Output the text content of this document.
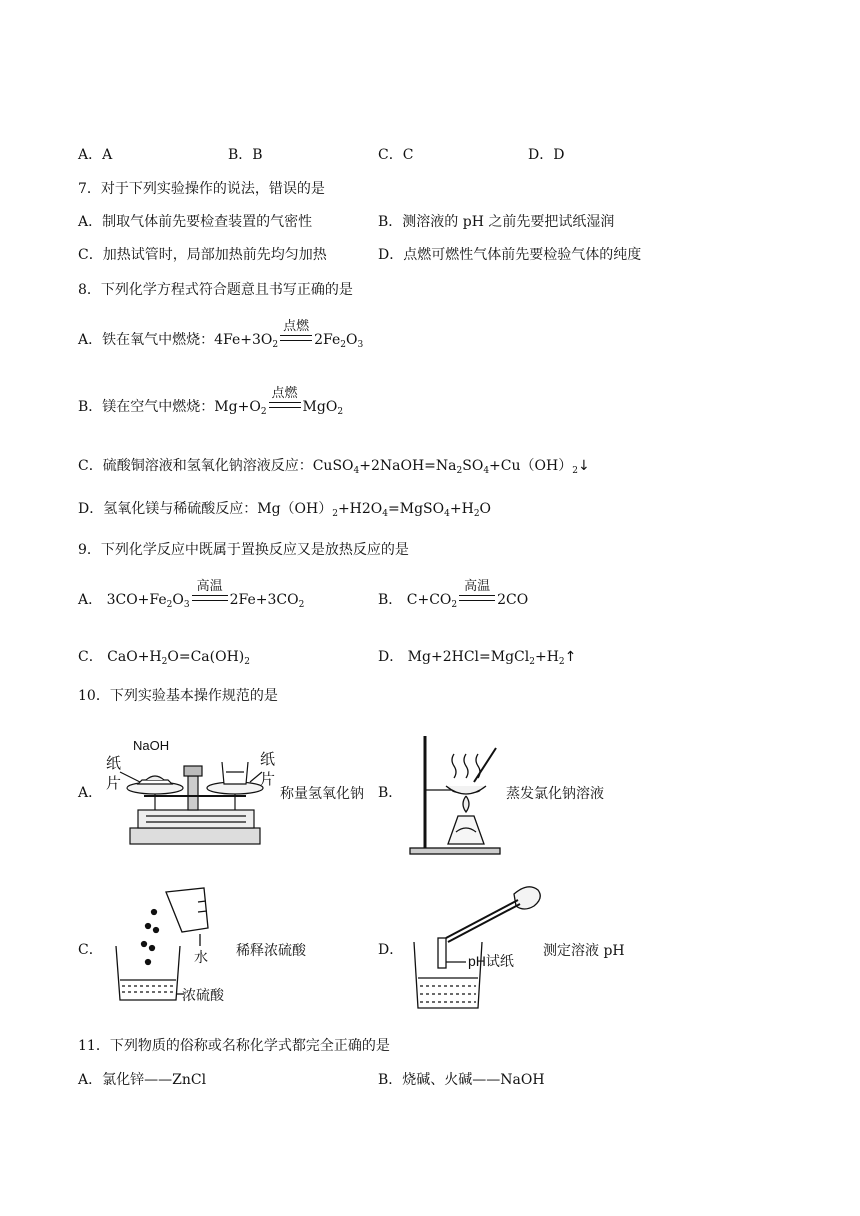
A．A	B．B	C．C	D．D
7．对于下列实验操作的说法，错误的是
A．制取气体前先要检查装置的气密性	B．测溶液的 pH 之前先要把试纸湿润
C．加热试管时，局部加热前先均匀加热	D．点燃可燃性气体前先要检验气体的纯度
8．下列化学方程式符合题意且书写正确的是
A．铁在氧气中燃烧：$4Fe+3O_2$
点燃
$2Fe_2O_3$
B．镁在空气中燃烧：$Mg+O_2$
点燃
MgO$_2$
C．硫酸铜溶液和氢氧化钠溶液反应：$CuSO_4+2NaOH=Na_2SO_4+Cu(OH)_2↓$
D．氢氧化镁与稀硫酸反应：$Mg(OH)_2+H2O_4=MgSO_4+H_2O$
9．下列化学反应中既属于置换反应又是放热反应的是
A． $3CO+Fe_2O_3$
高温
$2Fe+3CO_2$	B． $C+CO_2$
高温
2CO
C． $CaO+H_2O=Ca(OH)_2$	D． $Mg+2HCl=MgCl_2+H_2↑$
10．下列实验基本操作规范的是
A．
NaOH
纸
片
纸
片
称量氢氧化钠 B．	蒸发氯化钠溶液
C．	水
浓硫酸
稀释浓硫酸	D．
pH试纸
测定溶液 pH
11．下列物质的俗称或名称化学式都完全正确的是
A．氯化锌——ZnCl	B．烧碱、火碱——NaOH
